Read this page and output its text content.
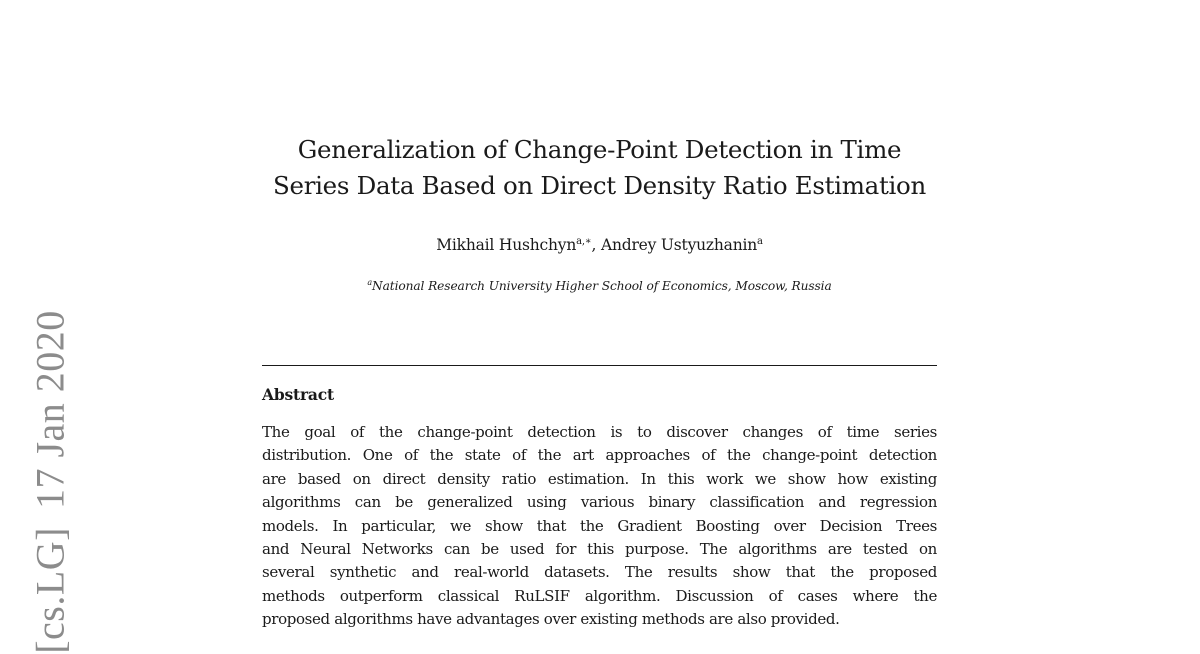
[cs.LG]17 Jan 2020
Generalization of Change-Point Detection in Time
Series Data Based on Direct Density Ratio Estimation
Mikhail Hushchyn$^{a,∗}$, Andrey Ustyuzhanin$^a$
$^a$National Research University Higher School of Economics, Moscow, Russia
Abstract
The goal of the change-point detection is to discover changes of time series
distribution. One of the state of the art approaches of the change-point detection
are based on direct density ratio estimation. In this work we show how existing
algorithms can be generalized using various binary classification and regression
models. In particular, we show that the Gradient Boosting over Decision Trees
and Neural Networks can be used for this purpose. The algorithms are tested on
several synthetic and real-world datasets. The results show that the proposed
methods outperform classical RuLSIF algorithm. Discussion of cases where the
proposed algorithms have advantages over existing methods are also provided.
